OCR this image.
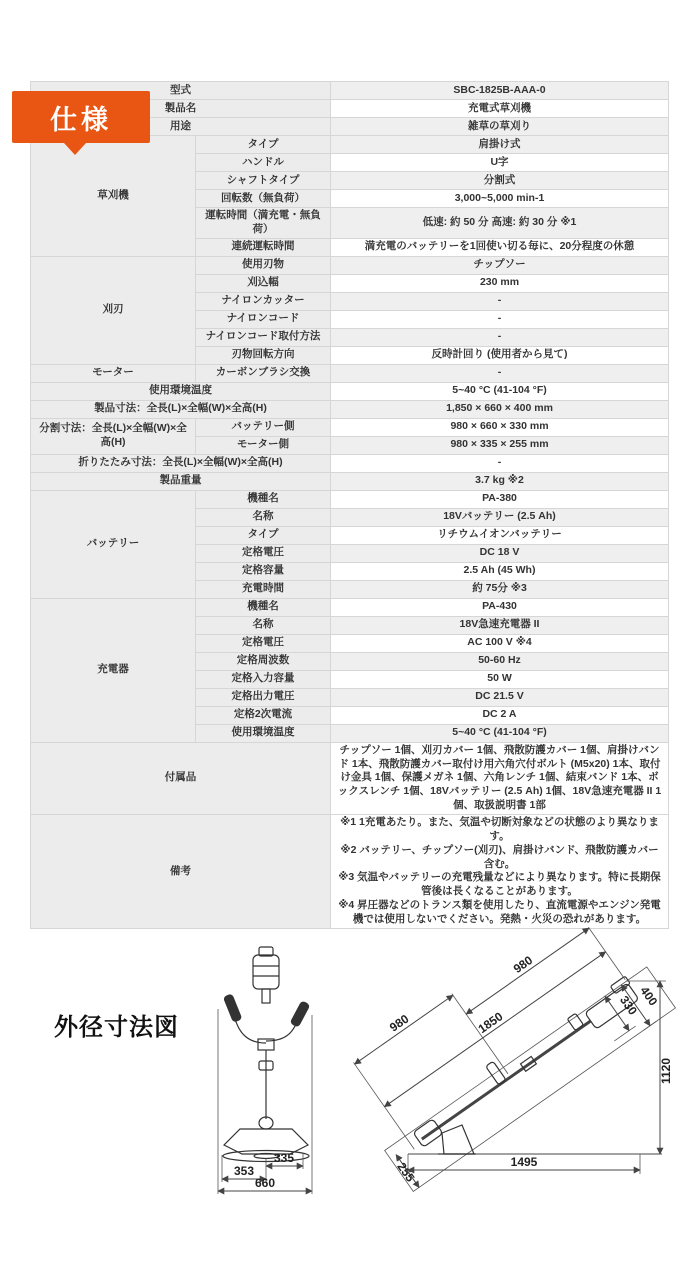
仕様
型式		SBC-1825B-AAA-0
製品名		充電式草刈機
用途		雑草の草刈り
草刈機	タイプ	肩掛け式
	ハンドル	U字
	シャフトタイプ	分割式
	回転数（無負荷）	3,000~5,000 min-1
	運転時間（満充電・無負荷）	低速: 約 50 分 高速: 約 30 分 ※1
	連続運転時間	満充電のバッテリーを1回使い切る毎に、20分程度の休憩
刈刃	使用刃物	チップソー
	刈込幅	230 mm
	ナイロンカッター	-
	ナイロンコード	-
	ナイロンコード取付方法	-
	刃物回転方向	反時計回り (使用者から見て)
モーター	カーボンブラシ交換	-
使用環境温度		5~40 °C (41-104 °F)
製品寸法：全長(L)×全幅(W)×全高(H)		1,850 × 660 × 400 mm
分割寸法：全長(L)×全幅(W)×全高(H)	バッテリー側	980 × 660 × 330 mm
	モーター側	980 × 335 × 255 mm
折りたたみ寸法：全長(L)×全幅(W)×全高(H)		-
製品重量		3.7 kg ※2
バッテリー	機種名	PA-380
	名称	18Vバッテリー (2.5 Ah)
	タイプ	リチウムイオンバッテリー
	定格電圧	DC 18 V
	定格容量	2.5 Ah (45 Wh)
	充電時間	約 75分 ※3
充電器	機種名	PA-430
	名称	18V急速充電器 II
	定格電圧	AC 100 V ※4
	定格周波数	50-60 Hz
	定格入力容量	50 W
	定格出力電圧	DC 21.5 V
	定格2次電流	DC 2 A
	使用環境温度	5~40 °C (41-104 °F)
付属品		チップソー 1個、刈刃カバー 1個、飛散防護カバー 1個、肩掛けバンド 1本、飛散防護カバー取付け用六角穴付ボルト (M5x20) 1本、取付け金具 1個、保護メガネ 1個、六角レンチ 1個、結束バンド 1本、ボックスレンチ 1個、18Vバッテリー (2.5 Ah) 1個、18V急速充電器 II 1個、取扱説明書 1部
備考		※1 1充電あたり。また、気温や切断対象などの状態のより異なります。
※2 バッテリー、チップソー(刈刃)、肩掛けバンド、飛散防護カバー含む。
※3 気温やバッテリーの充電残量などにより異なります。特に長期保管後は長くなることがあります。
※4 昇圧器などのトランス類を使用したり、直流電源やエンジン発電機では使用しないでください。発熱・火災の恐れがあります。
外径寸法図
335
353
660
1850
980
980
330
400
255
1120
1495
